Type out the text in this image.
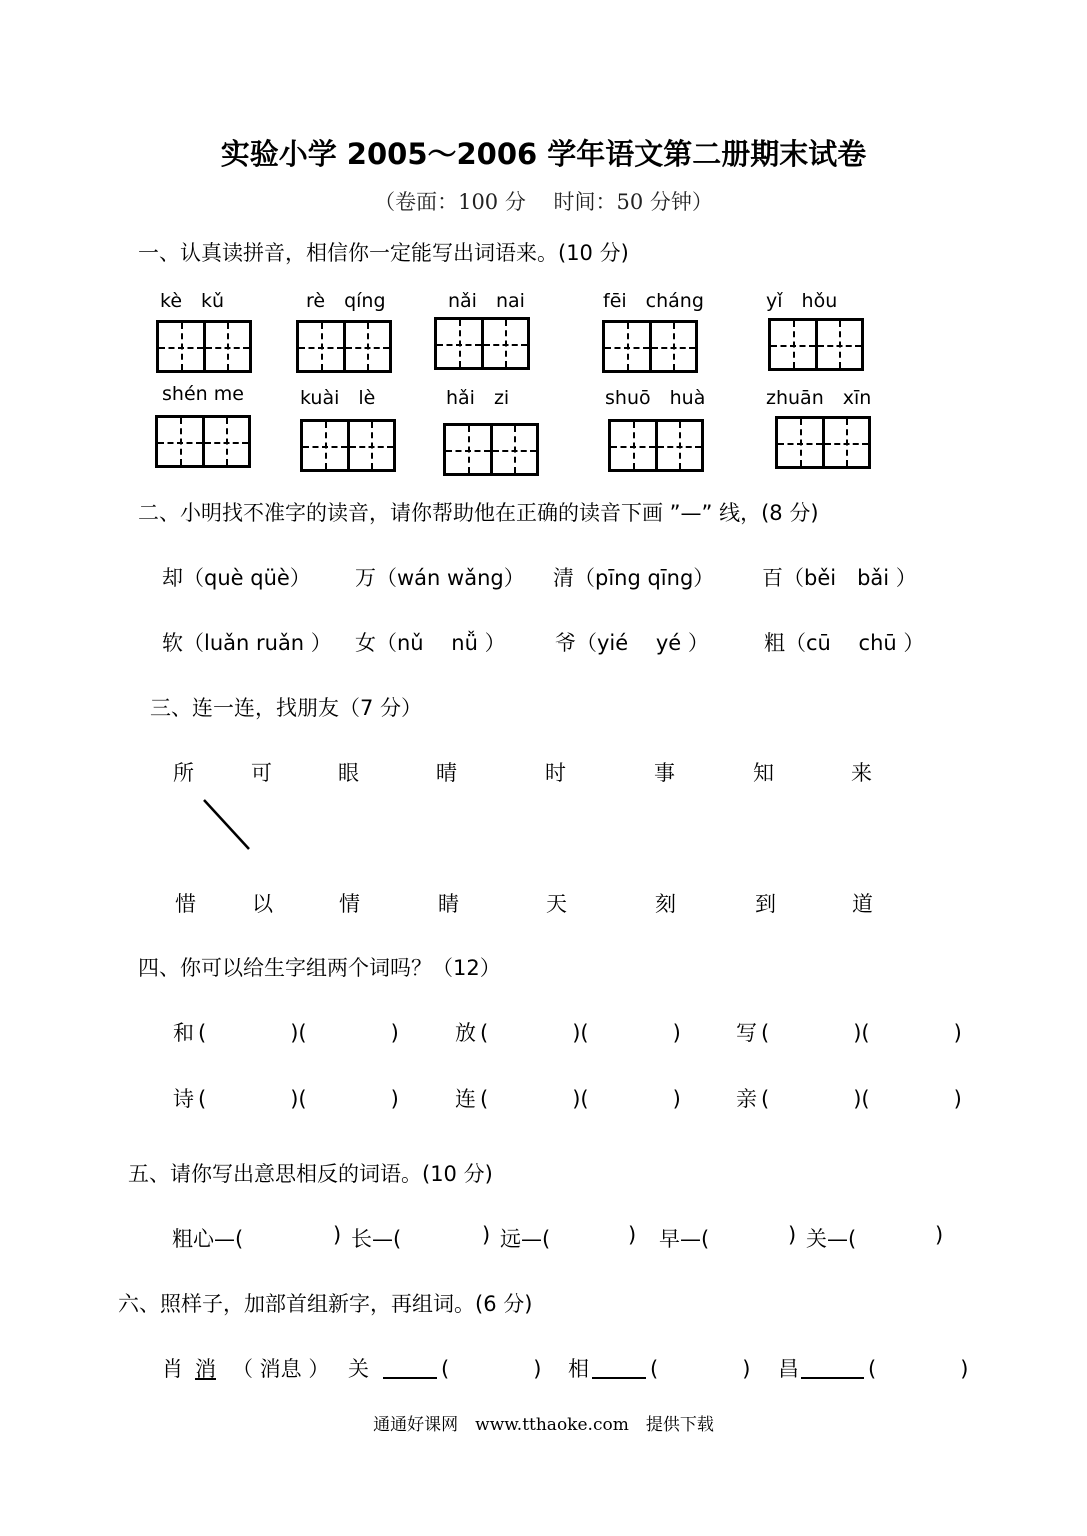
实验小学 2005～2006 学年语文第二册期末试卷
（卷面：100 分　 时间：50 分钟）
一、认真读拼音，相信你一定能写出词语来。(10 分)
kè　kǔ	rè　qíng	nǎi　nai	fēi　cháng	yǐ　hǒu
shén me	kuài　lè	hǎi　zi	shuō　huà	zhuān　xīn
二、小明找不准字的读音，请你帮助他在正确的读音下画 ”—” 线，(8 分)
却（què qüè） 万（wán wǎng） 清（pīng qīng） 百（běi　bǎi ）
软（luǎn ruǎn ） 女（nǔ　 nǚ ） 爷（yié　 yé ）	粗（cū　 chū ）
三、连一连，找朋友（7 分）
所	可	眼	晴	时	事	知	来
惜	以	情	睛	天	刻	到	道
四、你可以给生字组两个词吗？（12）
和 (　　　　)(　　　　)	放 (　　　　)(　　　　)	写 (　　　　)(　　　　)
诗 (　　　　)(　　　　)	连 (　　　　)(　　　　)	亲 (　　　　)(　　　　)
五、请你写出意思相反的词语。(10 分)
粗心—(	) 长—(	) 远—(	) 早—(	) 关—(	)
六、照样子，加部首组新字，再组词。(6 分)
肖 消 （ 消息 ） 关	(　　　　) 相	(　　　　) 昌	(　　　　)
通通好课网　www.tthaoke.com　提供下载
